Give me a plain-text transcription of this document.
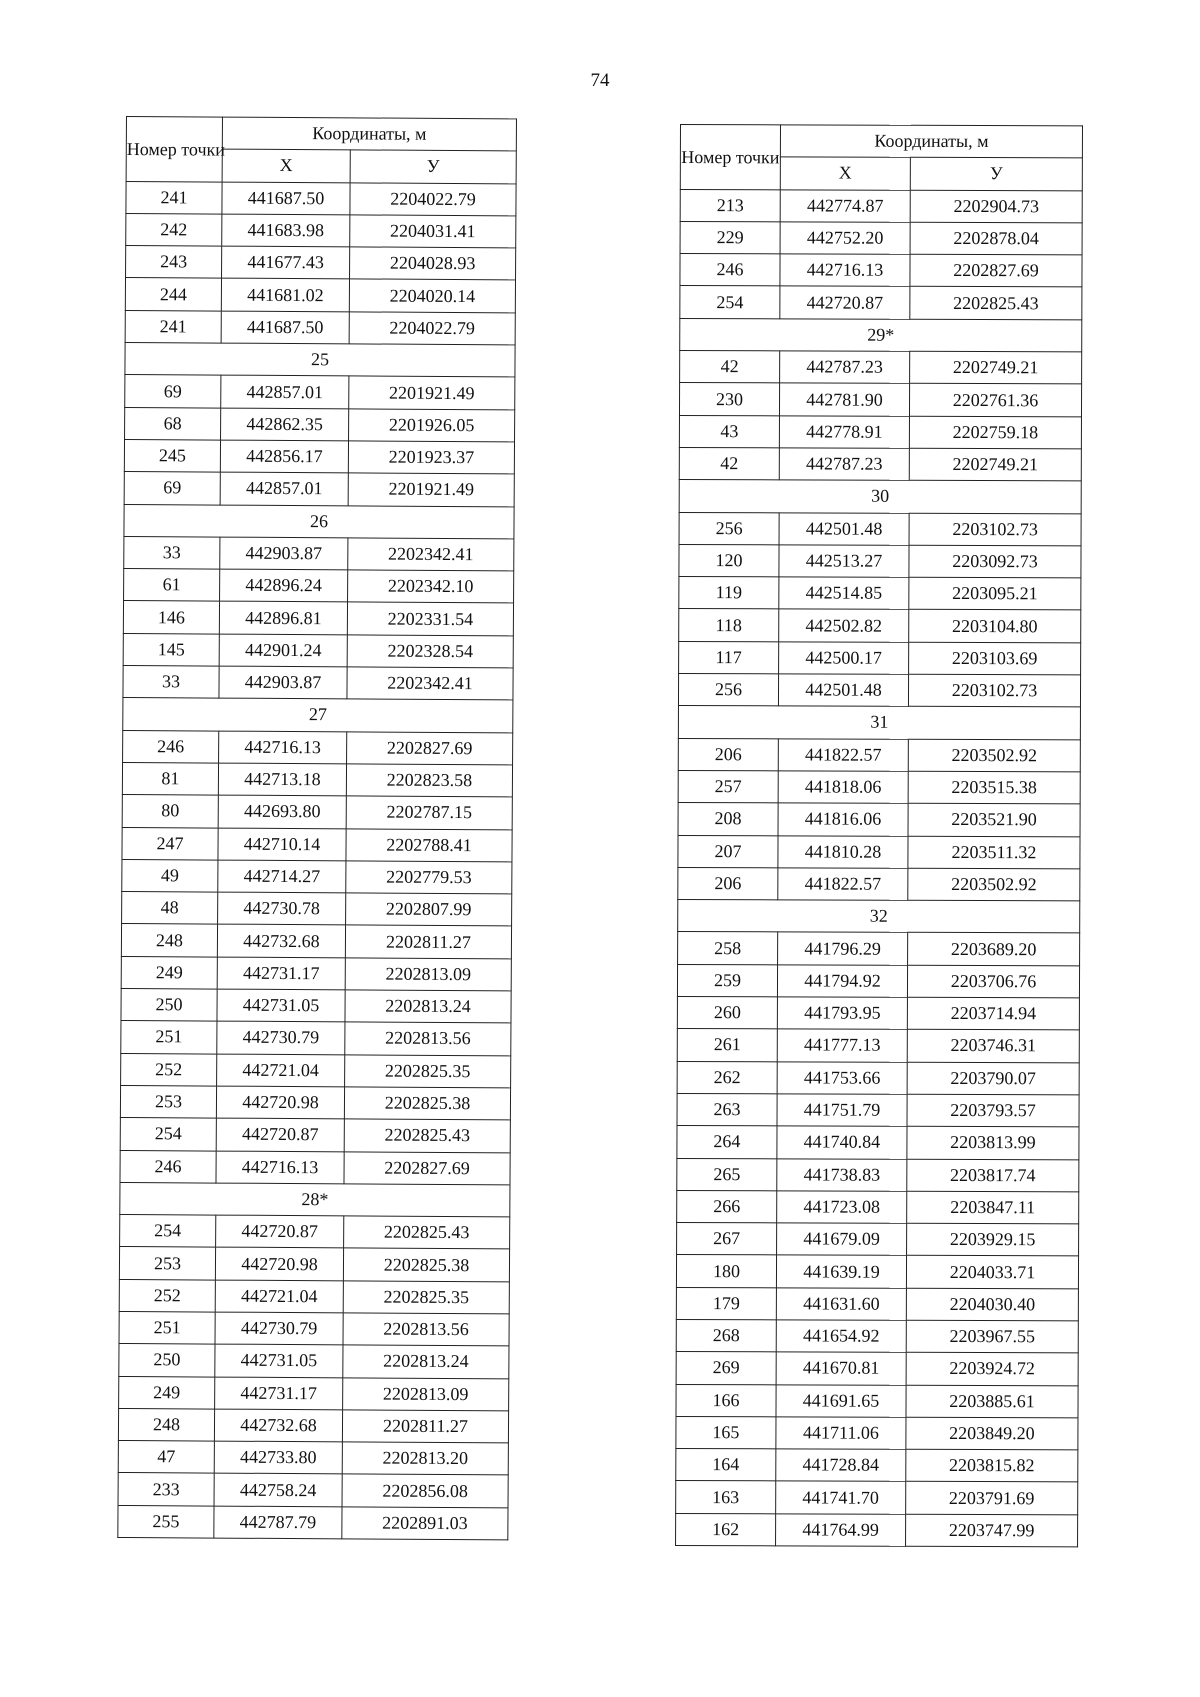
74
Номер точки	Координаты, м	
	X	У
241	441687.50	2204022.79
242	441683.98	2204031.41
243	441677.43	2204028.93
244	441681.02	2204020.14
241	441687.50	2204022.79
25		
69	442857.01	2201921.49
68	442862.35	2201926.05
245	442856.17	2201923.37
69	442857.01	2201921.49
26		
33	442903.87	2202342.41
61	442896.24	2202342.10
146	442896.81	2202331.54
145	442901.24	2202328.54
33	442903.87	2202342.41
27		
246	442716.13	2202827.69
81	442713.18	2202823.58
80	442693.80	2202787.15
247	442710.14	2202788.41
49	442714.27	2202779.53
48	442730.78	2202807.99
248	442732.68	2202811.27
249	442731.17	2202813.09
250	442731.05	2202813.24
251	442730.79	2202813.56
252	442721.04	2202825.35
253	442720.98	2202825.38
254	442720.87	2202825.43
246	442716.13	2202827.69
28*		
254	442720.87	2202825.43
253	442720.98	2202825.38
252	442721.04	2202825.35
251	442730.79	2202813.56
250	442731.05	2202813.24
249	442731.17	2202813.09
248	442732.68	2202811.27
47	442733.80	2202813.20
233	442758.24	2202856.08
255	442787.79	2202891.03
Номер точки	Координаты, м	
	X	У
213	442774.87	2202904.73
229	442752.20	2202878.04
246	442716.13	2202827.69
254	442720.87	2202825.43
29*		
42	442787.23	2202749.21
230	442781.90	2202761.36
43	442778.91	2202759.18
42	442787.23	2202749.21
30		
256	442501.48	2203102.73
120	442513.27	2203092.73
119	442514.85	2203095.21
118	442502.82	2203104.80
117	442500.17	2203103.69
256	442501.48	2203102.73
31		
206	441822.57	2203502.92
257	441818.06	2203515.38
208	441816.06	2203521.90
207	441810.28	2203511.32
206	441822.57	2203502.92
32		
258	441796.29	2203689.20
259	441794.92	2203706.76
260	441793.95	2203714.94
261	441777.13	2203746.31
262	441753.66	2203790.07
263	441751.79	2203793.57
264	441740.84	2203813.99
265	441738.83	2203817.74
266	441723.08	2203847.11
267	441679.09	2203929.15
180	441639.19	2204033.71
179	441631.60	2204030.40
268	441654.92	2203967.55
269	441670.81	2203924.72
166	441691.65	2203885.61
165	441711.06	2203849.20
164	441728.84	2203815.82
163	441741.70	2203791.69
162	441764.99	2203747.99
